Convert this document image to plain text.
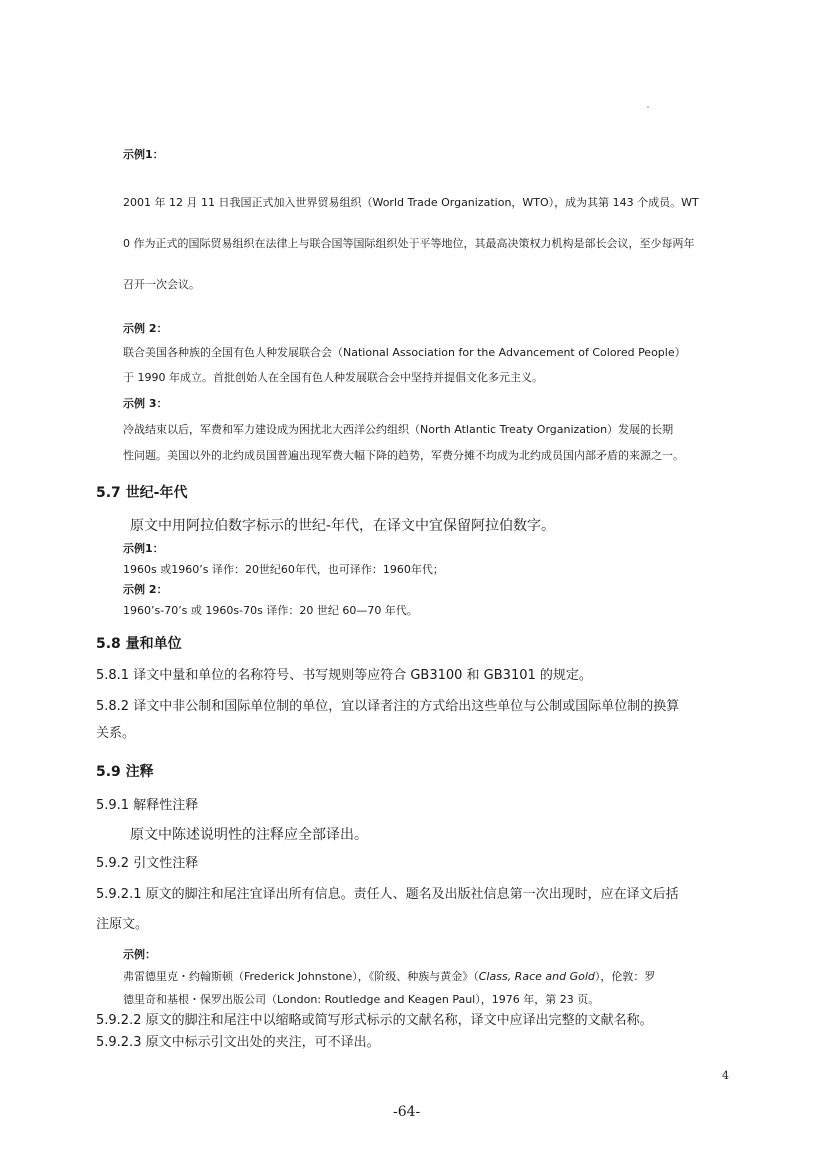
示例1：
2001 年 12 月 11 日我国正式加入世界贸易组织（World Trade Organization，WTO），成为其第 143 个成员。WT
0 作为正式的国际贸易组织在法律上与联合国等国际组织处于平等地位，其最高决策权力机构是部长会议，至少每两年
召开一次会议。
示例 2：
联合美国各种族的全国有色人种发展联合会（National Association for the Advancement of Colored People）
于 1990 年成立。首批创始人在全国有色人种发展联合会中坚持并提倡文化多元主义。
示例 3：
冷战结束以后，军费和军力建设成为困扰北大西洋公约组织（North Atlantic Treaty Organization）发展的长期
性问题。美国以外的北约成员国普遍出现军费大幅下降的趋势，军费分摊不均成为北约成员国内部矛盾的来源之一。
5.7 世纪-年代
原文中用阿拉伯数字标示的世纪-年代，在译文中宜保留阿拉伯数字。
示例1：
1960s 或1960’s 译作：20世纪60年代，也可译作：1960年代；
示例 2：
1960’s-70’s 或 1960s-70s 译作：20 世纪 60—70 年代。
5.8 量和单位
5.8.1 译文中量和单位的名称符号、书写规则等应符合 GB3100 和 GB3101 的规定。
5.8.2 译文中非公制和国际单位制的单位，宜以译者注的方式给出这些单位与公制或国际单位制的换算
关系。
5.9 注释
5.9.1 解释性注释
原文中陈述说明性的注释应全部译出。
5.9.2 引文性注释
5.9.2.1 原文的脚注和尾注宜译出所有信息。责任人、题名及出版社信息第一次出现时，应在译文后括
注原文。
示例：
弗雷德里克・约翰斯顿（Frederick Johnstone），《阶级、种族与黄金》（Class, Race and Gold），伦敦：罗
德里奇和基根・保罗出版公司（London: Routledge and Keagen Paul），1976 年，第 23 页。
5.9.2.2 原文的脚注和尾注中以缩略或简写形式标示的文献名称，译文中应译出完整的文献名称。
5.9.2.3 原文中标示引文出处的夹注，可不译出。
4
-64-
